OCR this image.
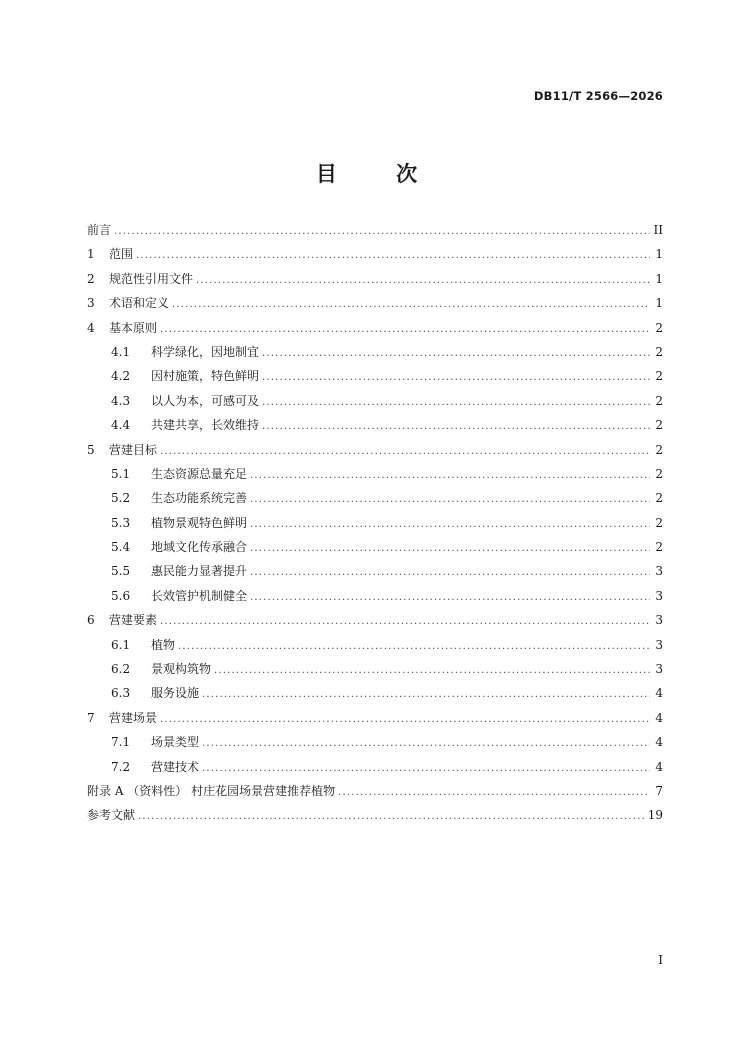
DB11/T 2566—2026
目 次
前言 .....	II
1	范围 .....	1
2	规范性引用文件 .....	1
3	术语和定义 .....	1
4	基本原则 .....	2
4.1	科学绿化，因地制宜 .....	2
4.2	因村施策，特色鲜明 .....	2
4.3	以人为本，可感可及 .....	2
4.4	共建共享，长效维持 .....	2
5	营建目标 .....	2
5.1	生态资源总量充足 .....	2
5.2	生态功能系统完善 .....	2
5.3	植物景观特色鲜明 .....	2
5.4	地域文化传承融合 .....	2
5.5	惠民能力显著提升 .....	3
5.6	长效管护机制健全 .....	3
6	营建要素 .....	3
6.1	植物 .....	3
6.2	景观构筑物 .....	3
6.3	服务设施 .....	4
7	营建场景 .....	4
7.1	场景类型 .....	4
7.2	营建技术 .....	4
附录 A （资料性） 村庄花园场景营建推荐植物 .....	7
参考文献 .....	19
I
